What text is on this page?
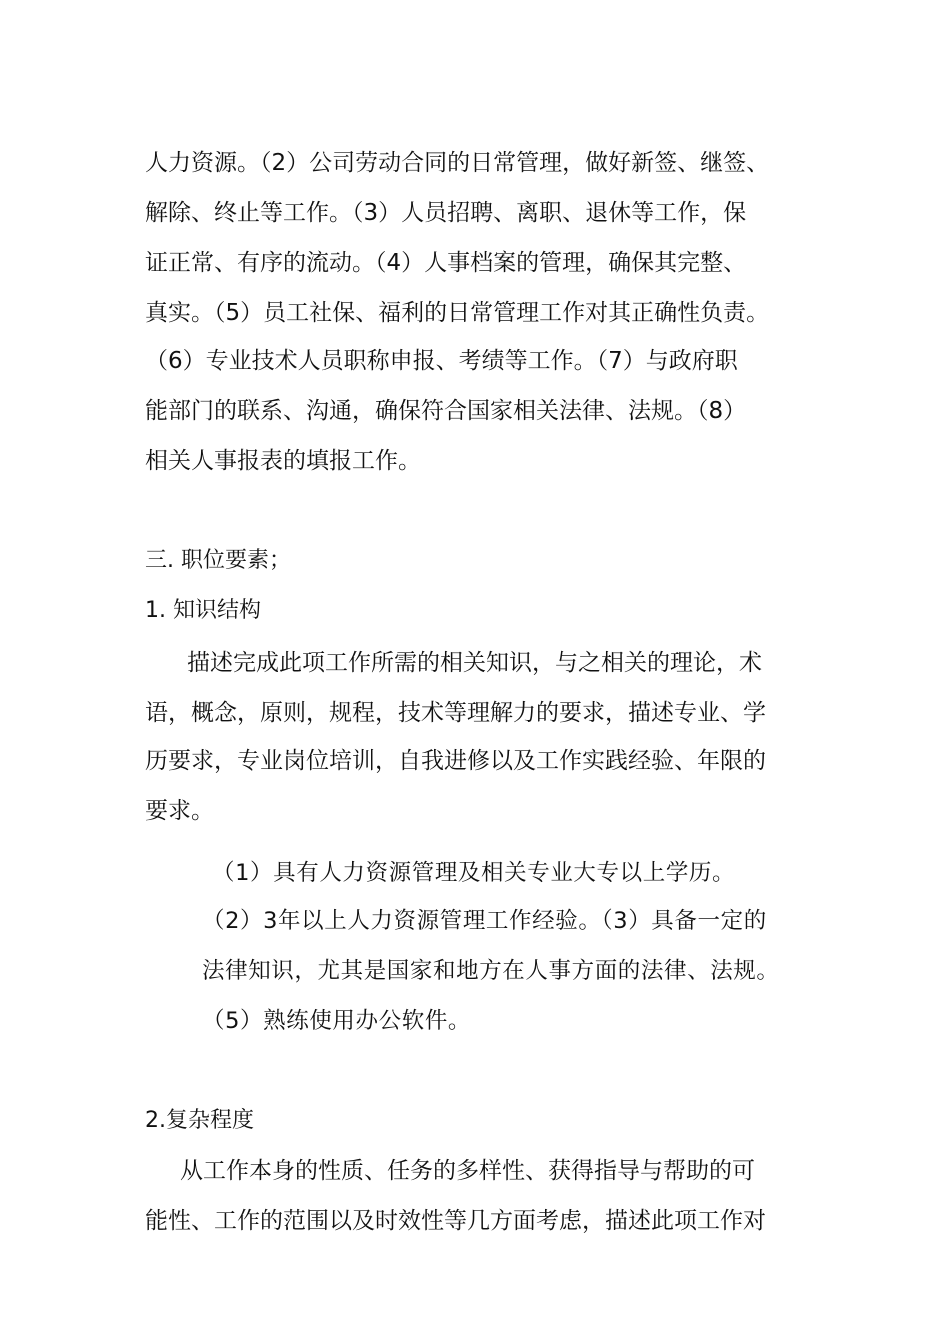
人力资源。（2）公司劳动合同的日常管理，做好新签、继签、
解除、终止等工作。（3）人员招聘、离职、退休等工作，保
证正常、有序的流动。（4）人事档案的管理，确保其完整、
真实。（5）员工社保、福利的日常管理工作对其正确性负责。
（6）专业技术人员职称申报、考绩等工作。（7）与政府职
能部门的联系、沟通，确保符合国家相关法律、法规。（8）
相关人事报表的填报工作。
三. 职位要素；
1. 知识结构
描述完成此项工作所需的相关知识，与之相关的理论，术
语，概念，原则，规程，技术等理解力的要求，描述专业、学
历要求，专业岗位培训，自我进修以及工作实践经验、年限的
要求。
（1）具有人力资源管理及相关专业大专以上学历。
（2）3年以上人力资源管理工作经验。（3）具备一定的
法律知识，尤其是国家和地方在人事方面的法律、法规。
（5）熟练使用办公软件。
2.复杂程度
从工作本身的性质、任务的多样性、获得指导与帮助的可
能性、工作的范围以及时效性等几方面考虑，描述此项工作对
